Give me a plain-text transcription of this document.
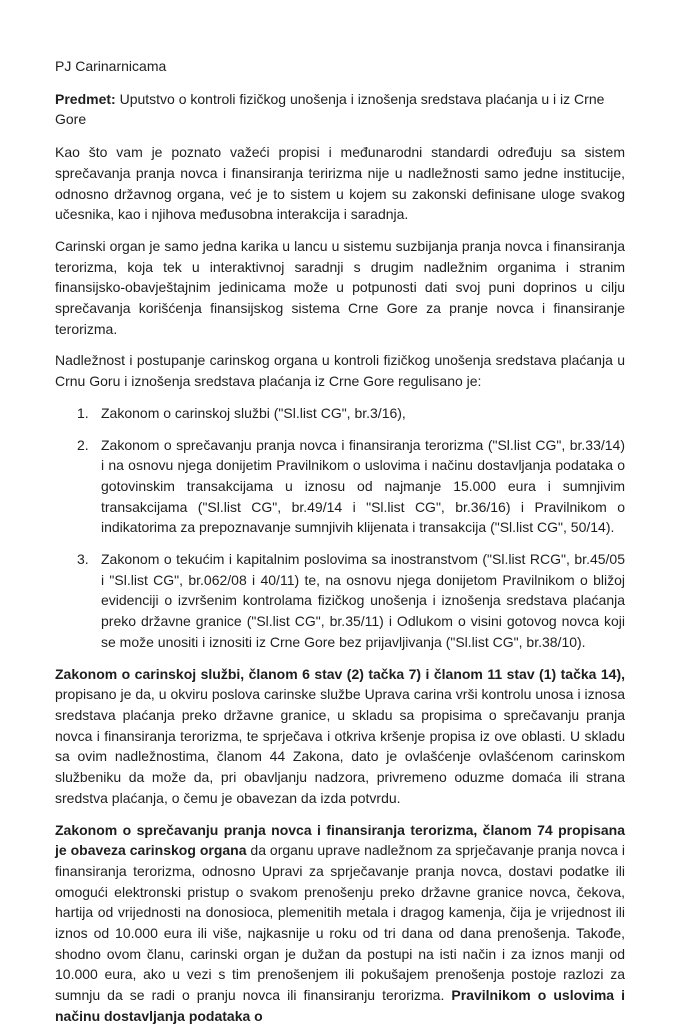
PJ Carinarnicama

Predmet: Uputstvo o kontroli fizičkog unošenja i iznošenja sredstava plaćanja u i iz Crne Gore

Kao što vam je poznato važeći propisi i međunarodni standardi određuju sa sistem sprečavanja pranja novca i finansiranja teririzma nije u nadležnosti samo jedne institucije, odnosno državnog organa, već je to sistem u kojem su zakonski definisane uloge svakog učesnika, kao i njihova međusobna interakcija i saradnja.

Carinski organ je samo jedna karika u lancu u sistemu suzbijanja pranja novca i finansiranja terorizma, koja tek u interaktivnoj saradnji s drugim nadležnim organima i stranim finansijsko-obavještajnim jedinicama može u potpunosti dati svoj puni doprinos u cilju sprečavanja korišćenja finansijskog sistema Crne Gore za pranje novca i finansiranje terorizma.

Nadležnost i postupanje carinskog organa u kontroli fizičkog unošenja sredstava plaćanja u Crnu Goru i iznošenja sredstava plaćanja iz Crne Gore regulisano je:

1. Zakonom o carinskoj službi ("Sl.list CG", br.3/16),
2. Zakonom o sprečavanju pranja novca i finansiranja terorizma ("Sl.list CG", br.33/14) i na osnovu njega donijetim Pravilnikom o uslovima i načinu dostavljanja podataka o gotovinskim transakcijama u iznosu od najmanje 15.000 eura i sumnjivim transakcijama ("Sl.list CG", br.49/14 i "Sl.list CG", br.36/16) i Pravilnikom o indikatorima za prepoznavanje sumnjivih klijenata i transakcija ("Sl.list CG", 50/14).
3. Zakonom o tekućim i kapitalnim poslovima sa inostranstvom ("Sl.list RCG", br.45/05 i "Sl.list CG", br.062/08 i 40/11) te, na osnovu njega donijetom Pravilnikom o bližoj evidenciji o izvršenim kontrolama fizičkog unošenja i iznošenja sredstava plaćanja preko državne granice ("Sl.list CG", br.35/11) i Odlukom o visini gotovog novca koji se može unositi i iznositi iz Crne Gore bez prijavljivanja ("Sl.list CG", br.38/10).

Zakonom o carinskoj službi, članom 6 stav (2) tačka 7) i članom 11 stav (1) tačka 14), propisano je da, u okviru poslova carinske službe Uprava carina vrši kontrolu unosa i iznosa sredstava plaćanja preko državne granice, u skladu sa propisima o sprečavanju pranja novca i finansiranja terorizma, te sprječava i otkriva kršenje propisa iz ove oblasti. U skladu sa ovim nadležnostima, članom 44 Zakona, dato je ovlašćenje ovlašćenom carinskom službeniku da može da, pri obavljanju nadzora, privremeno oduzme domaća ili strana sredstva plaćanja, o čemu je obavezan da izda potvrdu.

Zakonom o sprečavanju pranja novca i finansiranja terorizma, članom 74 propisana je obaveza carinskog organa da organu uprave nadležnom za sprječavanje pranja novca i finansiranja terorizma, odnosno Upravi za sprječavanje pranja novca, dostavi podatke ili omogući elektronski pristup o svakom prenošenju preko državne granice novca, čekova, hartija od vrijednosti na donosioca, plemenitih metala i dragog kamenja, čija je vrijednost ili iznos od 10.000 eura ili više, najkasnije u roku od tri dana od dana prenošenja. Takođe, shodno ovom članu, carinski organ je dužan da postupi na isti način i za iznos manji od 10.000 eura, ako u vezi s tim prenošenjem ili pokušajem prenošenja postoje razlozi za sumnju da se radi o pranju novca ili finansiranju terorizma. Pravilnikom o uslovima i načinu dostavljanja podataka o
